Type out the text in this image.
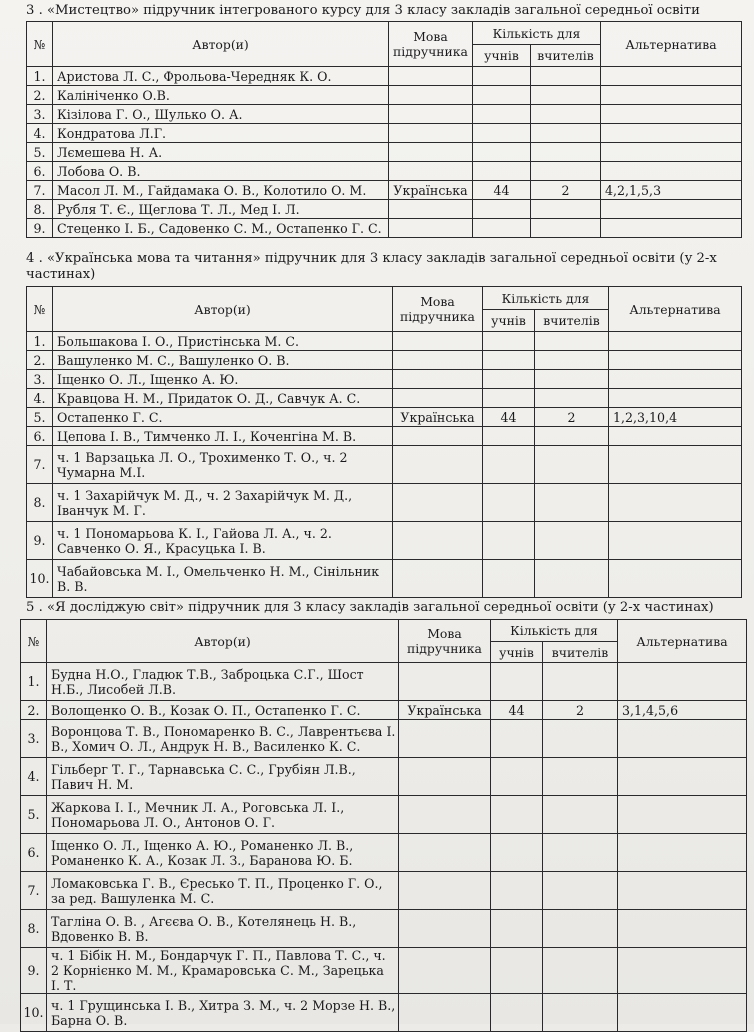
3 . «Мистецтво» підручник інтегрованого курсу для 3 класу закладів загальної середньої освіти
№	Автор(и)	Мова підручника	Кількість для		Альтернатива
			учнів	вчителів	
1.	Аристова Л. С., Фрольова-Чередняк К. О.				
2.	Калініченко О.В.				
3.	Кізілова Г. О., Шулько О. А.				
4.	Кондратова Л.Г.				
5.	Лємешева Н. А.				
6.	Лобова О. В.				
7.	Масол Л. М., Гайдамака О. В., Колотило О. М.	Українська	44	2	4,2,1,5,3
8.	Рубля Т. Є., Щеглова Т. Л., Мед І. Л.				
9.	Стеценко І. Б., Садовенко С. М., Остапенко Г. С.				
4 . «Українська мова та читання» підручник для 3 класу закладів загальної середньої освіти (у 2-х частинах)
№	Автор(и)	Мова підручника	Кількість для		Альтернатива
			учнів	вчителів	
1.	Большакова І. О., Пристінська М. С.				
2.	Вашуленко М. С., Вашуленко О. В.				
3.	Іщенко О. Л., Іщенко А. Ю.				
4.	Кравцова Н. М., Придаток О. Д., Савчук А. С.				
5.	Остапенко Г. С.	Українська	44	2	1,2,3,10,4
6.	Цепова І. В., Тимченко Л. І., Коченгіна М. В.				
7.	ч. 1 Варзацька Л. О., Трохименко Т. О., ч. 2 Чумарна М.І.				
8.	ч. 1 Захарійчук М. Д., ч. 2 Захарійчук М. Д., Іванчук М. Г.				
9.	ч. 1 Пономарьова К. І., Гайова Л. А., ч. 2. Савченко О. Я., Красуцька І. В.				
10.	Чабайовська М. І., Омельченко Н. М., Сінільник В. В.				
5 . «Я досліджую світ» підручник для 3 класу закладів загальної середньої освіти (у 2-х частинах)
№	Автор(и)	Мова підручника	Кількість для		Альтернатива
			учнів	вчителів	
1.	Будна Н.О., Гладюк Т.В., Заброцька С.Г., Шост Н.Б., Лисобей Л.В.				
2.	Волощенко О. В., Козак О. П., Остапенко Г. С.	Українська	44	2	3,1,4,5,6
3.	Воронцова Т. В., Пономаренко В. С., Лаврентьєва І. В., Хомич О. Л., Андрук Н. В., Василенко К. С.				
4.	Гільберг Т. Г., Тарнавська С. С., Грубіян Л.В., Павич Н. М.				
5.	Жаркова І. І., Мечник Л. А., Роговська Л. І., Пономарьова Л. О., Антонов О. Г.				
6.	Іщенко О. Л., Іщенко А. Ю., Романенко Л. В., Романенко К. А., Козак Л. З., Баранова Ю. Б.				
7.	Ломаковська Г. В., Єресько Т. П., Проценко Г. О., за ред. Вашуленка М. С.				
8.	Тагліна О. В. , Агєєва О. В., Котелянець Н. В., Вдовенко В. В.				
9.	ч. 1 Бібік Н. М., Бондарчук Г. П., Павлова Т. С., ч. 2 Корнієнко М. М., Крамаровська С. М., Зарецька І. Т.				
10.	ч. 1 Грущинська І. В., Хитра З. М., ч. 2 Морзе Н. В., Барна О. В.				
